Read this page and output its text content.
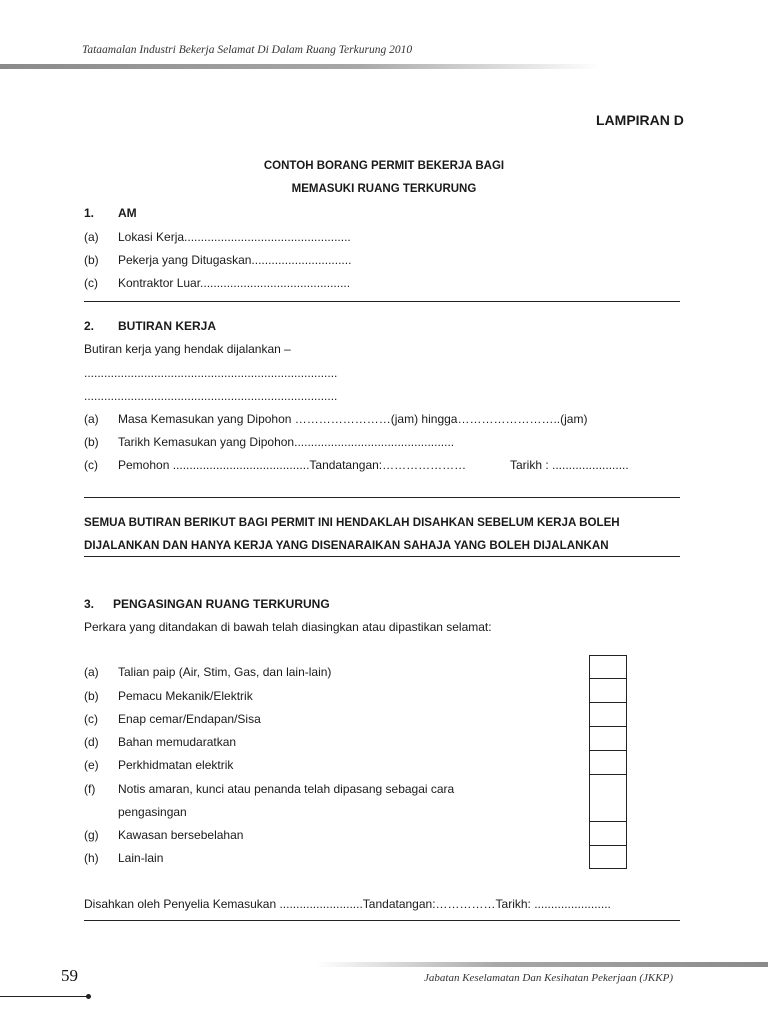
Tataamalan Industri Bekerja Selamat Di Dalam Ruang Terkurung 2010
LAMPIRAN D
CONTOH BORANG PERMIT BEKERJA BAGI
MEMASUKI RUANG TERKURUNG
1. AM
(a) Lokasi Kerja..................................................
(b) Pekerja yang Ditugaskan..............................
(c) Kontraktor Luar.............................................
2. BUTIRAN KERJA
Butiran kerja yang hendak dijalankan –
............................................................................
............................................................................
(a) Masa Kemasukan yang Dipohon ……………………(jam) hingga……………………..(jam)
(b) Tarikh Kemasukan yang Dipohon................................................
(c) Pemohon .........................................Tandatangan:…………………	Tarikh : .......................
SEMUA BUTIRAN BERIKUT BAGI PERMIT INI HENDAKLAH DISAHKAN SEBELUM KERJA BOLEH
DIJALANKAN DAN HANYA KERJA YANG DISENARAIKAN SAHAJA YANG BOLEH DIJALANKAN
3. PENGASINGAN RUANG TERKURUNG
Perkara yang ditandakan di bawah telah diasingkan atau dipastikan selamat:
(a) Talian paip (Air, Stim, Gas, dan lain-lain)
(b) Pemacu Mekanik/Elektrik
(c) Enap cemar/Endapan/Sisa
(d) Bahan memudaratkan
(e) Perkhidmatan elektrik
(f) Notis amaran, kunci atau penanda telah dipasang sebagai cara
pengasingan
(g) Kawasan bersebelahan
(h) Lain-lain
Disahkan oleh Penyelia Kemasukan .........................Tandatangan:……………Tarikh: .......................
59	Jabatan Keselamatan Dan Kesihatan Pekerjaan (JKKP)
